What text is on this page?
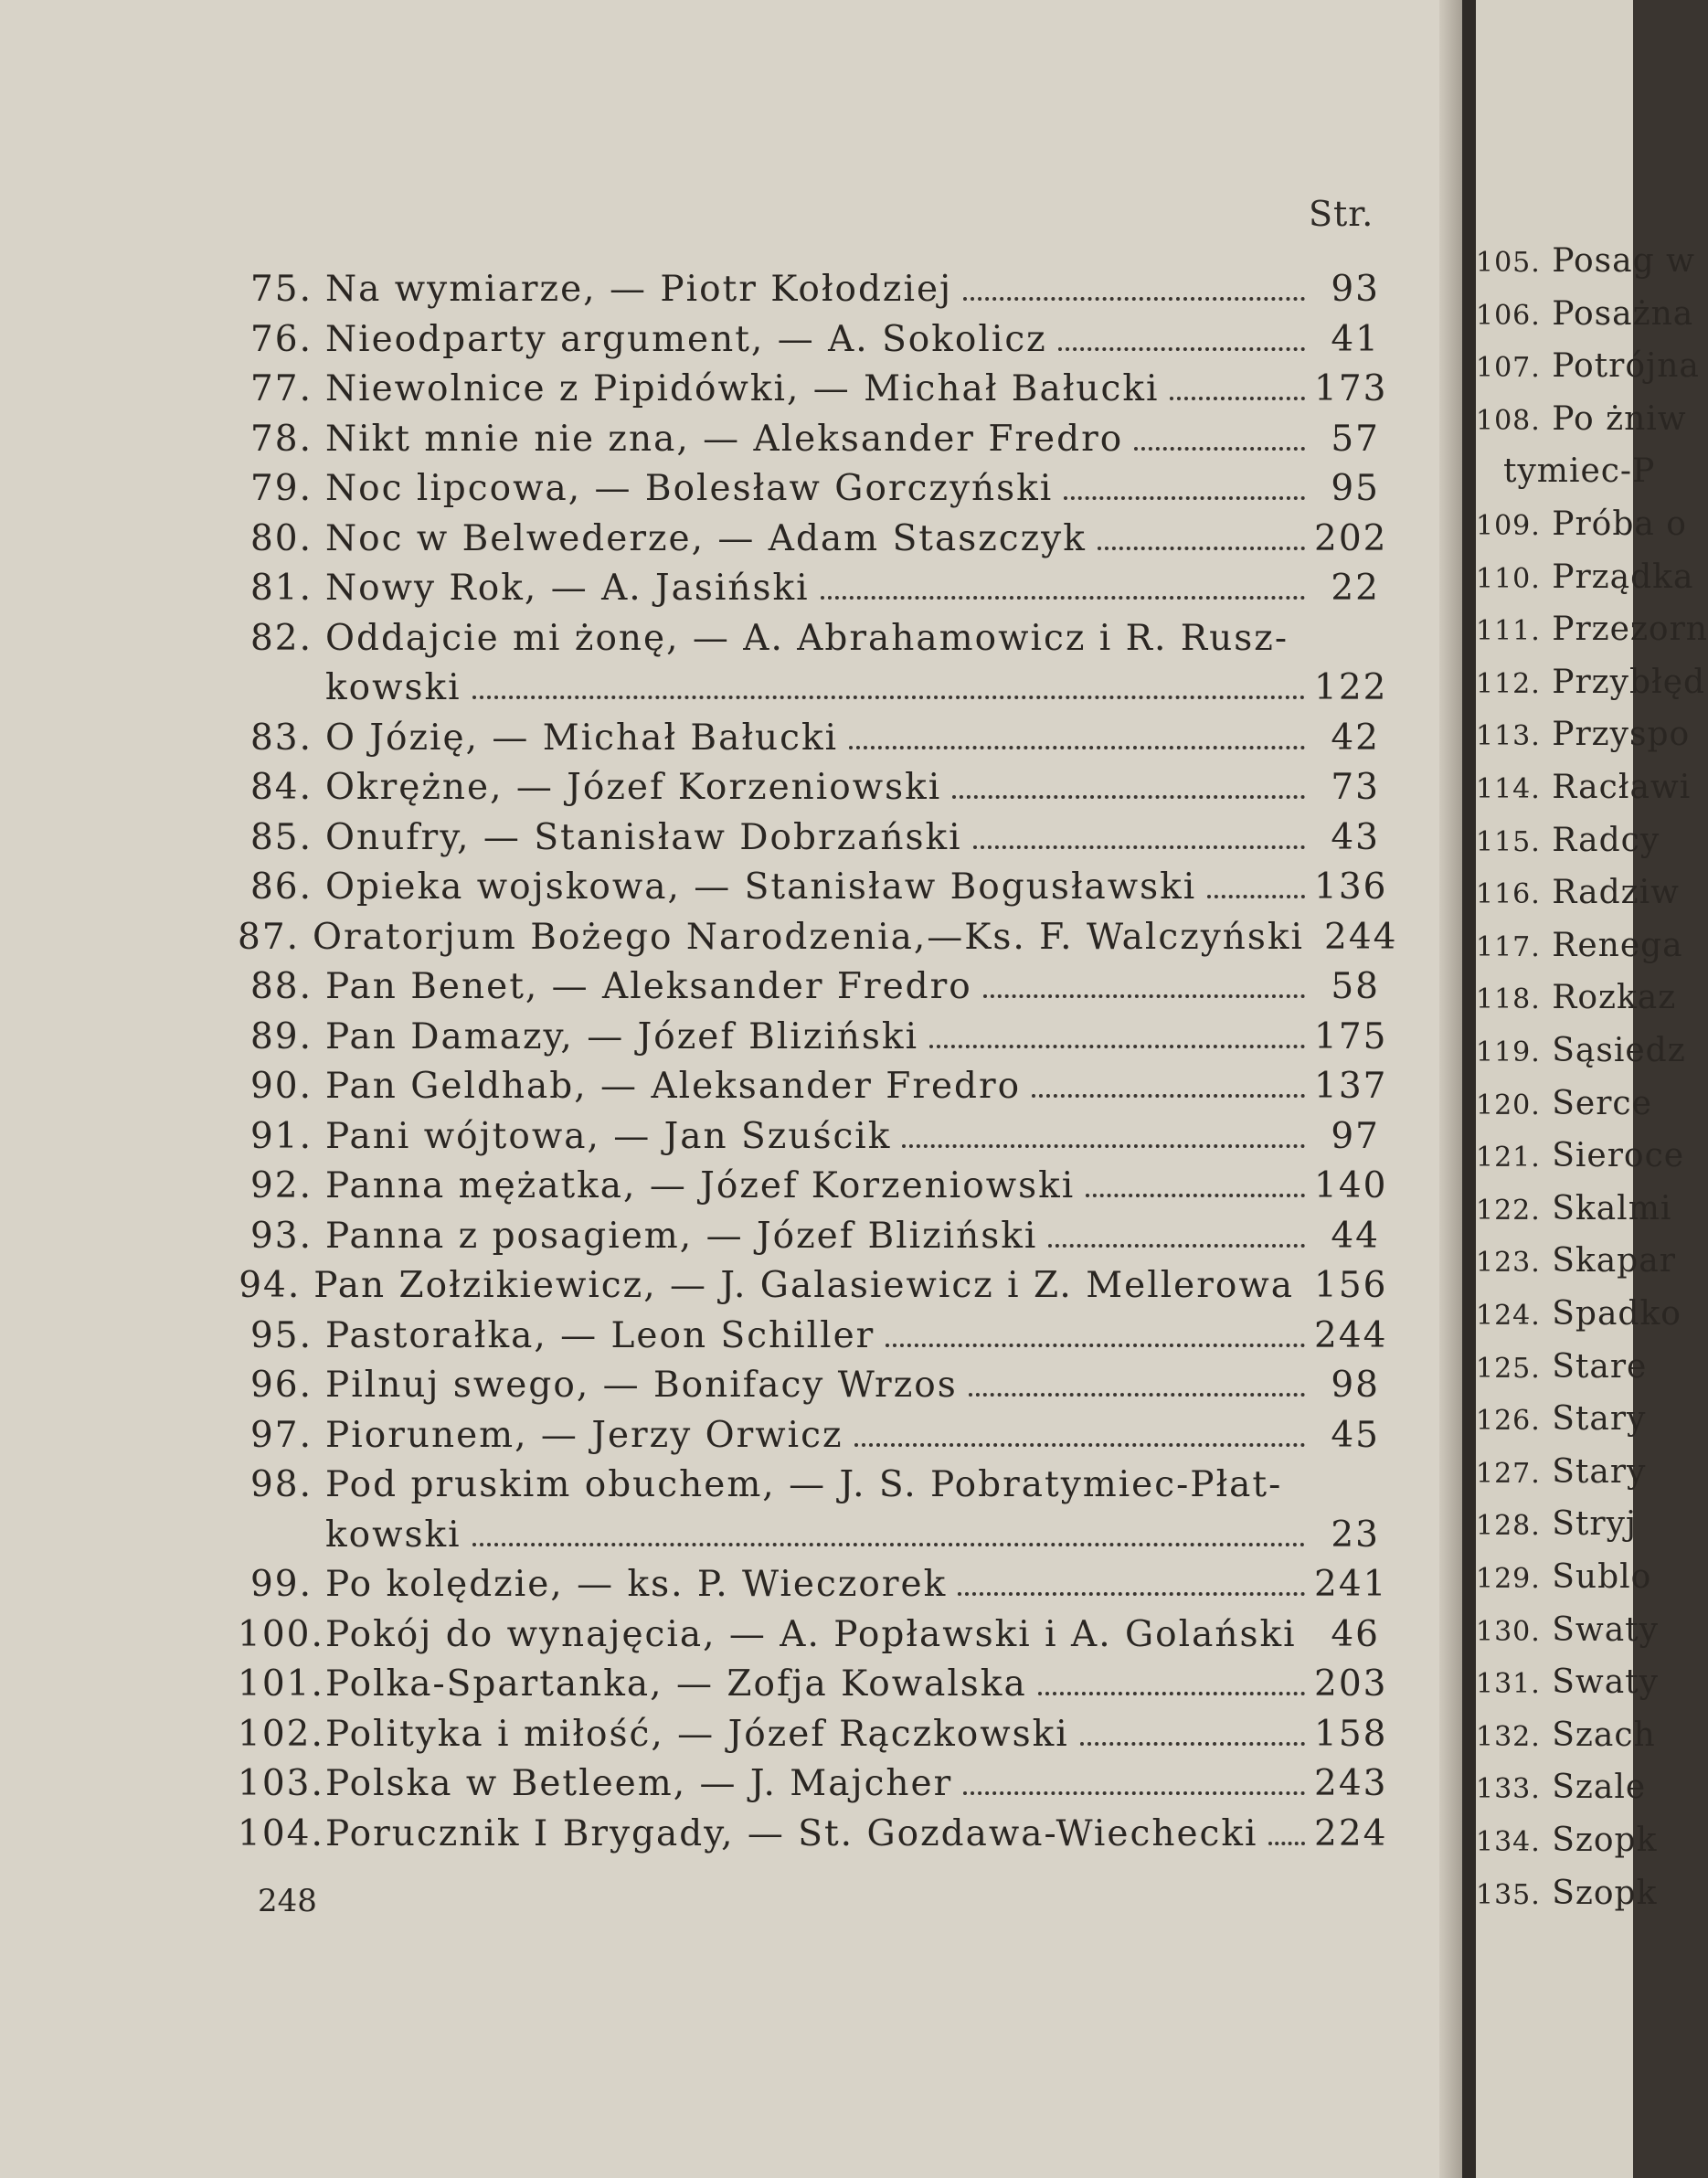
Str.
75. Na wymiarze, — Piotr Kołodziej	93
76. Nieodparty argument, — A. Sokolicz	41
77. Niewolnice z Pipidówki, — Michał Bałucki	173
78. Nikt mnie nie zna, — Aleksander Fredro	57
79. Noc lipcowa, — Bolesław Gorczyński	95
80. Noc w Belwederze, — Adam Staszczyk	202
81. Nowy Rok, — A. Jasiński	22
82. Oddajcie mi żonę, — A. Abrahamowicz i R. Rusz-
kowski	122
83. O Józię, — Michał Bałucki	42
84. Okrężne, — Józef Korzeniowski	73
85. Onufry, — Stanisław Dobrzański	43
86. Opieka wojskowa, — Stanisław Bogusławski	136
87. Oratorjum Bożego Narodzenia,—Ks. F. Walczyński 244
88. Pan Benet, — Aleksander Fredro	58
89. Pan Damazy, — Józef Bliziński	175
90. Pan Geldhab, — Aleksander Fredro	137
91. Pani wójtowa, — Jan Szuścik	97
92. Panna mężatka, — Józef Korzeniowski	140
93. Panna z posagiem, — Józef Bliziński	44
94. Pan Zołzikiewicz, — J. Galasiewicz i Z. Mellerowa 156
95. Pastorałka, — Leon Schiller	244
96. Pilnuj swego, — Bonifacy Wrzos	98
97. Piorunem, — Jerzy Orwicz	45
98. Pod pruskim obuchem, — J. S. Pobratymiec-Płat-
kowski	23
99. Po kolędzie, — ks. P. Wieczorek	241
100. Pokój do wynajęcia, — A. Popławski i A. Golański 46
101. Polka-Spartanka, — Zofja Kowalska	203
102. Polityka i miłość, — Józef Rączkowski	158
103. Polska w Betleem, — J. Majcher	243
104. Porucznik I Brygady, — St. Gozdawa-Wiechecki 224
248
105. Posag w
106. Posażna
107. Potrójna
108. Po żniw
tymiec-P
109. Próba o
110. Prządka
111. Przezorn
112. Przybłęd
113. Przyspo
114. Racławi
115. Radcy
116. Radziw
117. Renega
118. Rozkaz
119. Sąsiedz
120. Serce
121. Sieroce
122. Skalmi
123. Skapar
124. Spadko
125. Stare
126. Stary
127. Stary
128. Stryj
129. Sublo
130. Swaty
131. Swaty
132. Szach
133. Szale
134. Szopk
135. Szopk
